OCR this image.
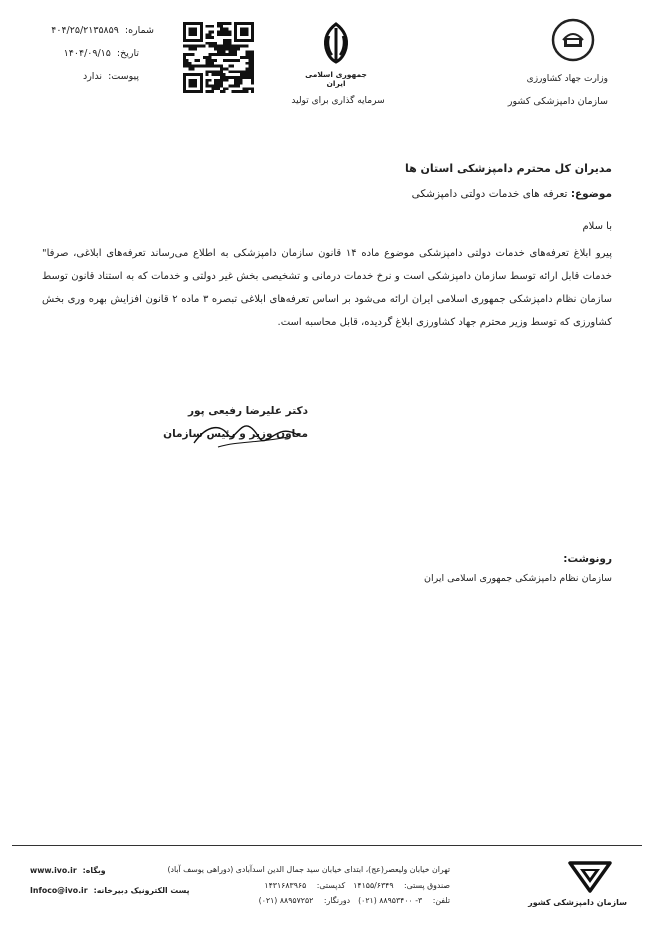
وزارت جهاد کشاورزی
سازمان دامپزشکی کشور
جمهوری اسلامی ایران
سرمایه گذاری برای تولید
شماره:۴۰۴/۲۵/۲۱۳۵۸۵۹
تاریخ:۱۴۰۴/۰۹/۱۵
پیوست:ندارد
مدیران کل محترم دامپزشکی استان ها
موضوع: تعرفه های خدمات دولتی دامپزشکی
با سلام
پیرو ابلاغ تعرفه‌های خدمات دولتی دامپزشکی موضوع ماده ۱۴ قانون سازمان دامپزشکی به اطلاع می‌رساند تعرفه‌های ابلاغی، صرفا" خدمات قابل ارائه توسط سازمان دامپزشکی است و نرخ خدمات درمانی و تشخیصی بخش غیر دولتی و خدمات که به استناد قانون توسط سازمان نظام دامپزشکی جمهوری اسلامی ایران ارائه می‌شود بر اساس تعرفه‌های ابلاغی تبصره ۳ ماده ۲ قانون افزایش بهره وری بخش کشاورزی که توسط وزیر محترم جهاد کشاورزی ابلاغ گردیده، قابل محاسبه است.
دکتر علیرضا رفیعی پور
معاون وزیر و رئیس سازمان
رونوشت:
سازمان نظام دامپزشکی جمهوری اسلامی ایران
سازمان دامپزشکی کشور
تهران خیابان ولیعصر(عج)، ابتدای خیابان سید جمال الدین اسدآبادی (دوراهی یوسف آباد)
صندوق پستی: ۱۴۱۵۵/۶۳۴۹کدپستی: ۱۴۳۱۶۸۳۹۶۵
تلفن: ۳- ۸۸۹۵۳۴۰۰ (۰۲۱)دورنگار: ۸۸۹۵۷۲۵۲ (۰۲۱)
وبگاه:www.ivo.ir
پست الکترونیک دبیرخانه:Infoco@ivo.ir
